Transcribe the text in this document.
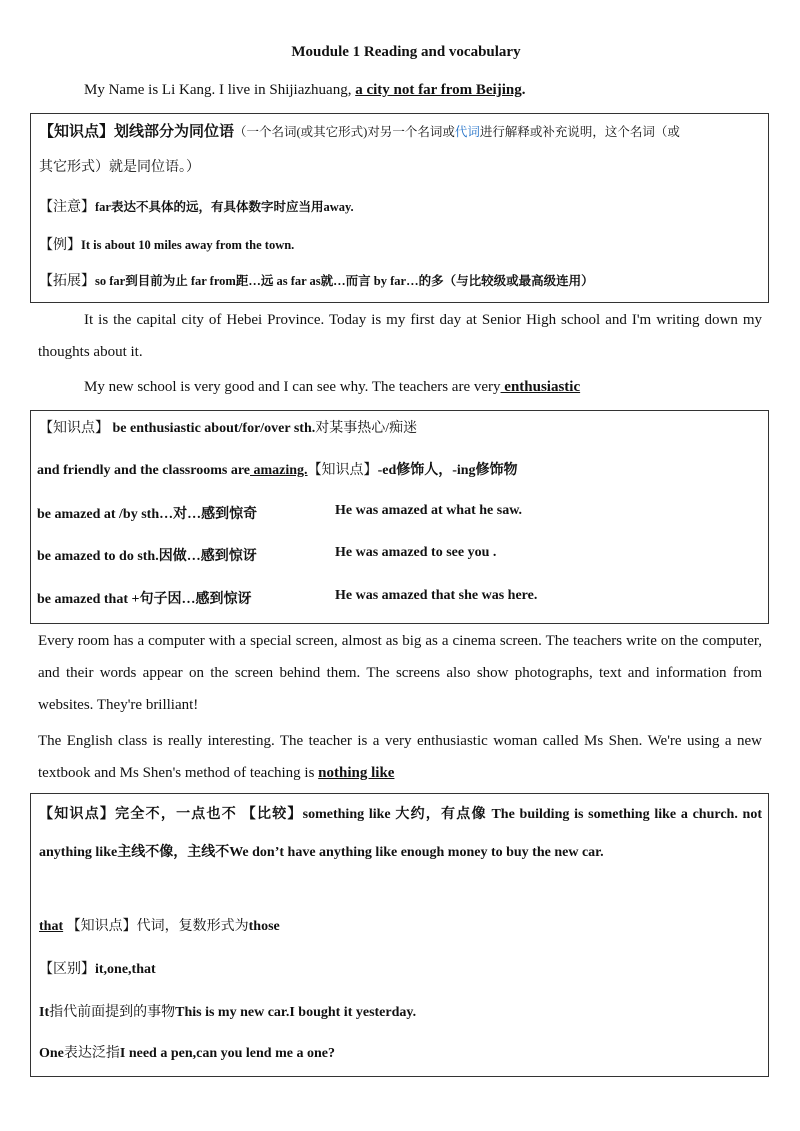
Moudule 1 Reading and vocabulary
My Name is Li Kang. I live in Shijiazhuang, a city not far from Beijing.
【知识点】划线部分为同位语（一个名词(或其它形式)对另一个名词或代词进行解释或补充说明，这个名词（或
其它形式）就是同位语。）
【注意】far表达不具体的远，有具体数字时应当用away.
【例】It is about 10 miles away from the town.
【拓展】so far到目前为止 far from距…远 as far as就…而言 by far…的多（与比较级或最高级连用）
It is the capital city of Hebei Province. Today is my first day at Senior High school and I'm writing down my thoughts about it.
My new school is very good and I can see why. The teachers are very enthusiastic
【知识点】 be enthusiastic about/for/over sth.对某事热心/痴迷
and friendly and the classrooms are amazing.【知识点】-ed修饰人，-ing修饰物
be amazed at /by sth…对…感到惊奇	He was amazed at what he saw.
be amazed to do sth.因做…感到惊讶	He was amazed to see you .
be amazed that +句子因…感到惊讶	He was amazed that she was here.
Every room has a computer with a special screen, almost as big as a cinema screen. The teachers write on the computer, and their words appear on the screen behind them. The screens also show photographs, text and information from websites. They're brilliant!
The English class is really interesting. The teacher is a very enthusiastic woman called Ms Shen. We're using a new textbook and Ms Shen's method of teaching is nothing like
【知识点】完全不，一点也不 【比较】something like 大约，有点像 The building is something like a church. not anything like主线不像，主线不We don’t have anything like enough money to buy the new car.
that 【知识点】代词，复数形式为those
【区别】it,one,that
It指代前面提到的事物This is my new car.I bought it yesterday.
One表达泛指I need a pen,can you lend me a one?
